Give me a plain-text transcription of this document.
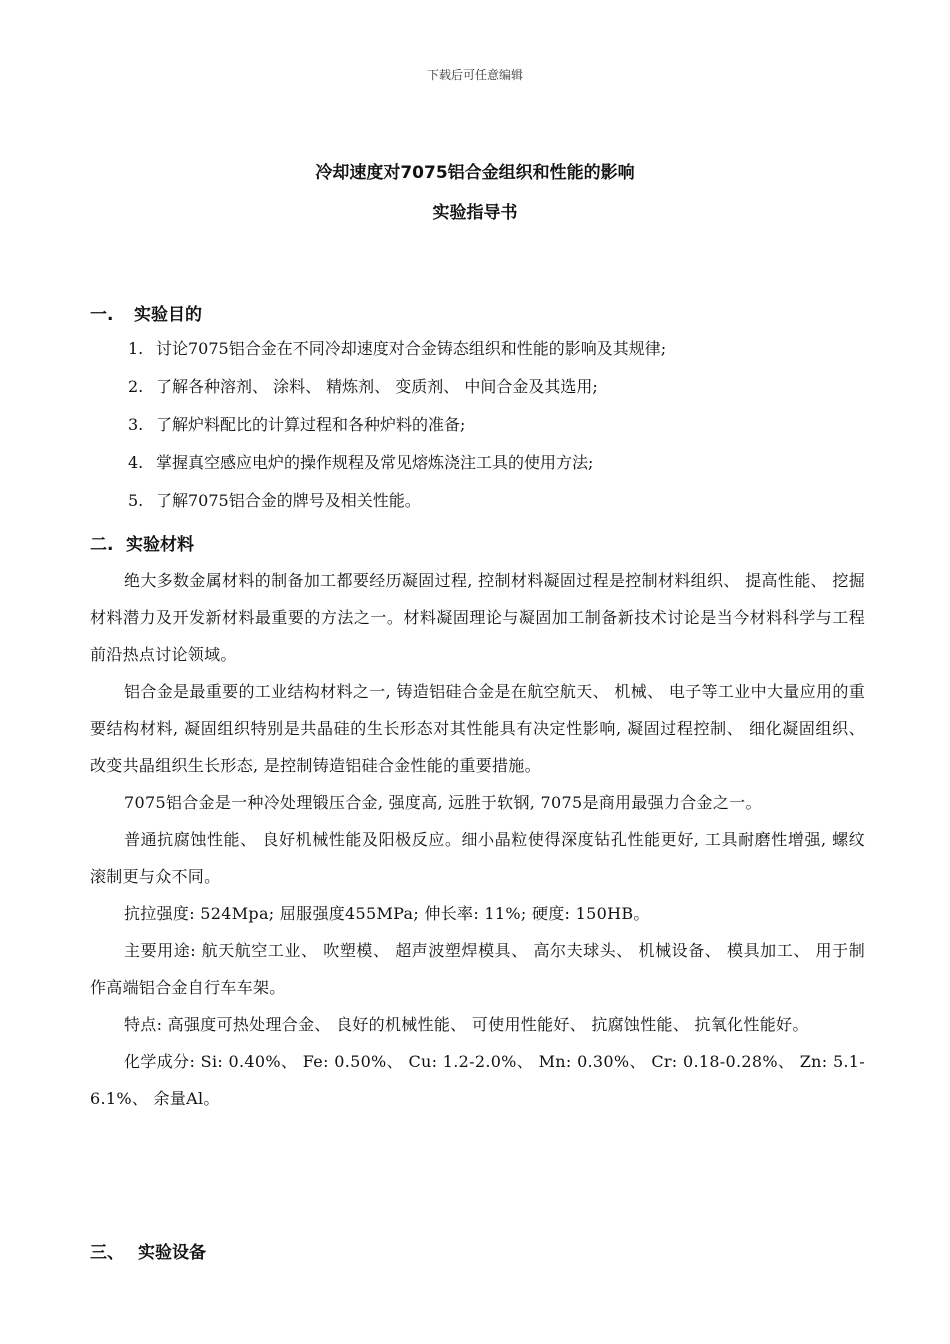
下载后可任意编辑
冷却速度对7075铝合金组织和性能的影响
实验指导书
一. 实验目的
1. 讨论7075铝合金在不同冷却速度对合金铸态组织和性能的影响及其规律;
2. 了解各种溶剂、 涂料、 精炼剂、 变质剂、 中间合金及其选用;
3. 了解炉料配比的计算过程和各种炉料的准备;
4. 掌握真空感应电炉的操作规程及常见熔炼浇注工具的使用方法;
5. 了解7075铝合金的牌号及相关性能。
二. 实验材料

绝大多数金属材料的制备加工都要经历凝固过程, 控制材料凝固过程是控制材料组织、 提高性能、 挖掘材料潜力及开发新材料最重要的方法之一。材料凝固理论与凝固加工制备新技术讨论是当今材料科学与工程前沿热点讨论领域。

铝合金是最重要的工业结构材料之一, 铸造铝硅合金是在航空航天、 机械、 电子等工业中大量应用的重要结构材料, 凝固组织特别是共晶硅的生长形态对其性能具有决定性影响, 凝固过程控制、 细化凝固组织、 改变共晶组织生长形态, 是控制铸造铝硅合金性能的重要措施。

7075铝合金是一种冷处理锻压合金, 强度高, 远胜于软钢, 7075是商用最强力合金之一。

普通抗腐蚀性能、 良好机械性能及阳极反应。细小晶粒使得深度钻孔性能更好, 工具耐磨性增强, 螺纹滚制更与众不同。

抗拉强度: 524Mpa; 屈服强度455MPa; 伸长率: 11%; 硬度: 150HB。

主要用途: 航天航空工业、 吹塑模、 超声波塑焊模具、 高尔夫球头、 机械设备、 模具加工、 用于制作高端铝合金自行车车架。

特点: 高强度可热处理合金、 良好的机械性能、 可使用性能好、 抗腐蚀性能、 抗氧化性能好。

化学成分: Si: 0.40%、 Fe: 0.50%、 Cu: 1.2-2.0%、 Mn: 0.30%、 Cr: 0.18-0.28%、 Zn: 5.1-6.1%、 余量Al。

三、 实验设备
